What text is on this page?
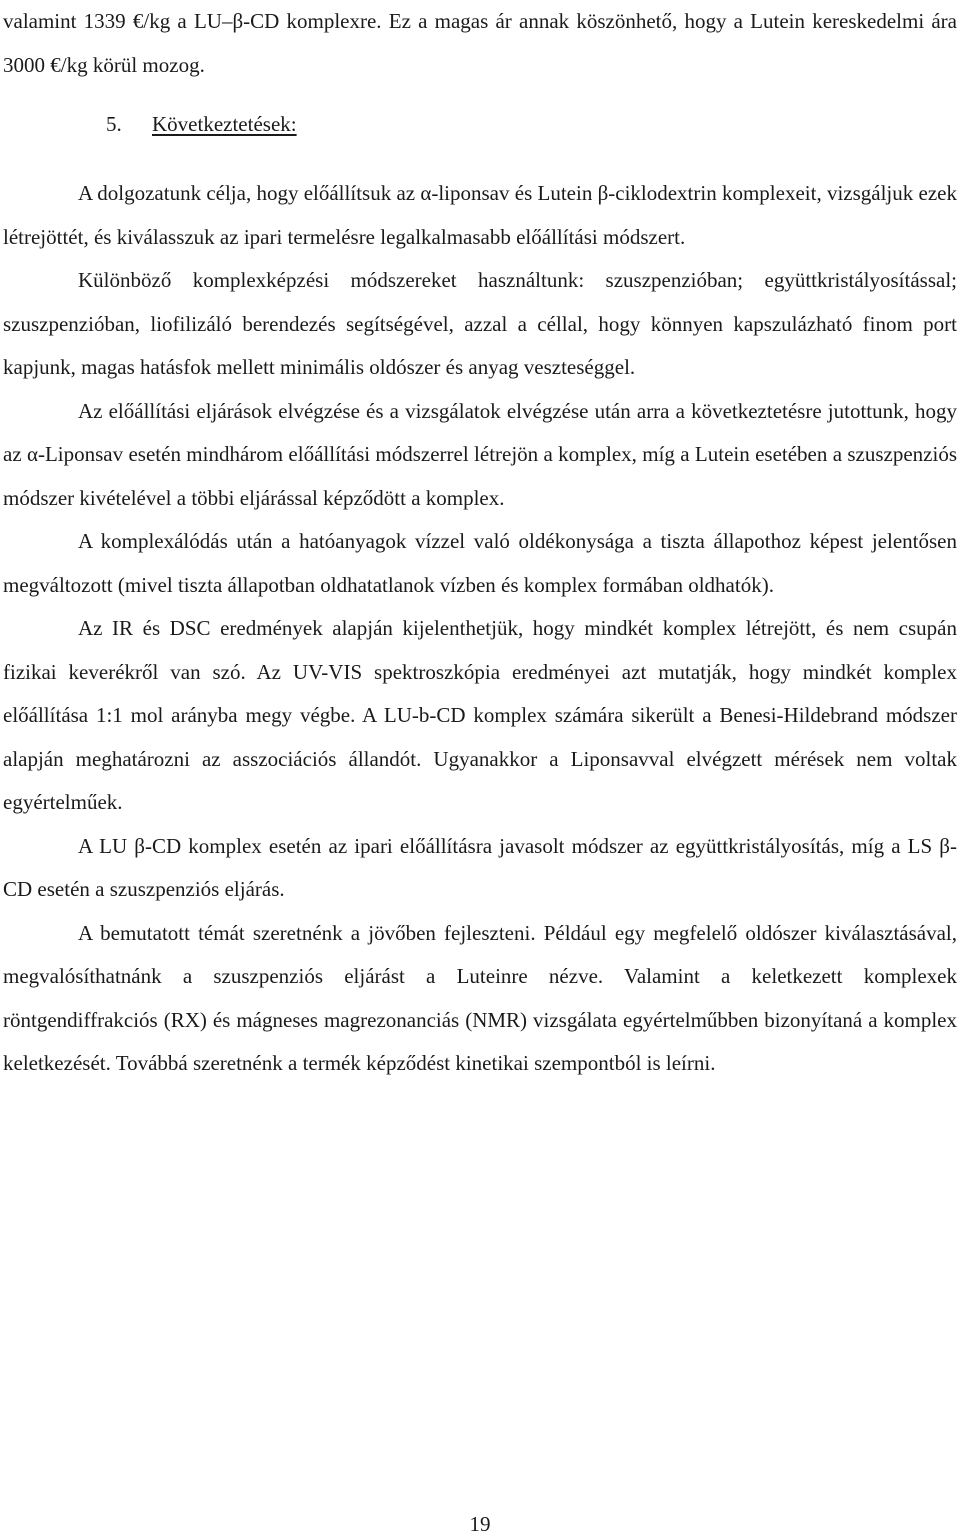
valamint 1339 €/kg a LU–β-CD komplexre. Ez a magas ár annak köszönhető, hogy a Lutein kereskedelmi ára 3000 €/kg körül mozog.

5. Következtetések:

A dolgozatunk célja, hogy előállítsuk az α-liponsav és Lutein β-ciklodextrin komplexeit, vizsgáljuk ezek létrejöttét, és kiválasszuk az ipari termelésre legalkalmasabb előállítási módszert.

Különböző komplexképzési módszereket használtunk: szuszpenzióban; együttkristályosítással; szuszpenzióban, liofilizáló berendezés segítségével, azzal a céllal, hogy könnyen kapszulázható finom port kapjunk, magas hatásfok mellett minimális oldószer és anyag veszteséggel.

Az előállítási eljárások elvégzése és a vizsgálatok elvégzése után arra a következtetésre jutottunk, hogy az α-Liponsav esetén mindhárom előállítási módszerrel létrejön a komplex, míg a Lutein esetében a szuszpenziós módszer kivételével a többi eljárással képződött a komplex.

A komplexálódás után a hatóanyagok vízzel való oldékonysága a tiszta állapothoz képest jelentősen megváltozott (mivel tiszta állapotban oldhatatlanok vízben és komplex formában oldhatók).

Az IR és DSC eredmények alapján kijelenthetjük, hogy mindkét komplex létrejött, és nem csupán fizikai keverékről van szó. Az UV-VIS spektroszkópia eredményei azt mutatják, hogy mindkét komplex előállítása 1:1 mol arányba megy végbe. A LU-b-CD komplex számára sikerült a Benesi-Hildebrand módszer alapján meghatározni az asszociációs állandót. Ugyanakkor a Liponsavval elvégzett mérések nem voltak egyértelműek.

A LU β-CD komplex esetén az ipari előállításra javasolt módszer az együttkristályosítás, míg a LS β-CD esetén a szuszpenziós eljárás.

A bemutatott témát szeretnénk a jövőben fejleszteni. Például egy megfelelő oldószer kiválasztásával, megvalósíthatnánk a szuszpenziós eljárást a Luteinre nézve. Valamint a keletkezett komplexek röntgendiffrakciós (RX) és mágneses magrezonanciás (NMR) vizsgálata egyértelműbben bizonyítaná a komplex keletkezését. Továbbá szeretnénk a termék képződést kinetikai szempontból is leírni.

19
